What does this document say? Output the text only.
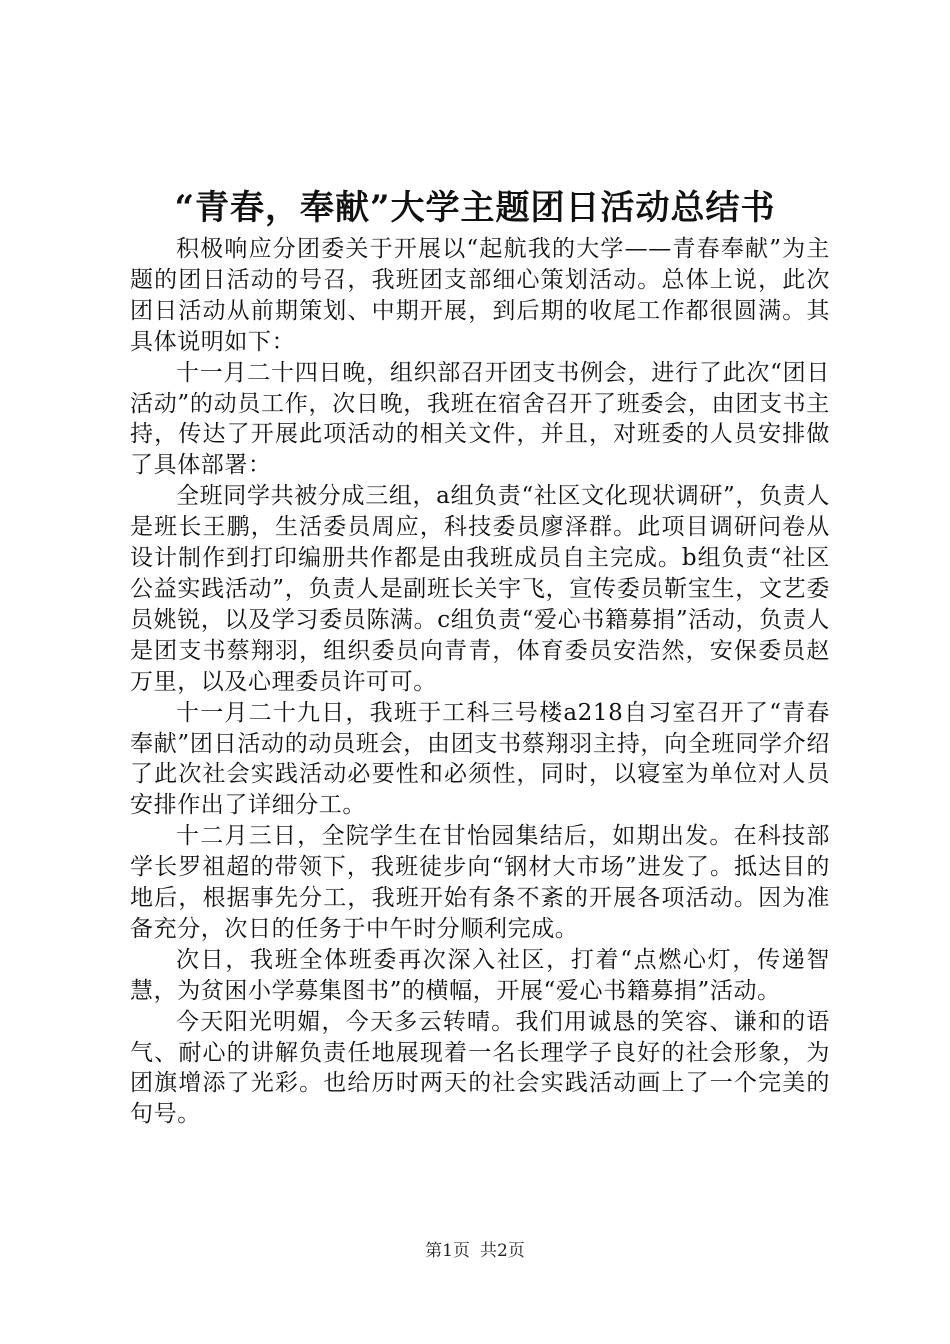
“青春，奉献”大学主题团日活动总结书

积极响应分团委关于开展以“起航我的大学——青春奉献”为主题的团日活动的号召，我班团支部细心策划活动。总体上说，此次团日活动从前期策划、中期开展，到后期的收尾工作都很圆满。其具体说明如下：

十一月二十四日晚，组织部召开团支书例会，进行了此次“团日活动”的动员工作，次日晚，我班在宿舍召开了班委会，由团支书主持，传达了开展此项活动的相关文件，并且，对班委的人员安排做了具体部署：

全班同学共被分成三组，a组负责“社区文化现状调研”，负责人是班长王鹏，生活委员周应，科技委员廖泽群。此项目调研问卷从设计制作到打印编册共作都是由我班成员自主完成。b组负责“社区公益实践活动”，负责人是副班长关宇飞，宣传委员靳宝生，文艺委员姚锐，以及学习委员陈满。c组负责“爱心书籍募捐”活动，负责人是团支书蔡翔羽，组织委员向青青，体育委员安浩然，安保委员赵万里，以及心理委员许可可。

十一月二十九日，我班于工科三号楼a218自习室召开了“青春奉献”团日活动的动员班会，由团支书蔡翔羽主持，向全班同学介绍了此次社会实践活动必要性和必须性，同时，以寝室为单位对人员安排作出了详细分工。

十二月三日，全院学生在甘怡园集结后，如期出发。在科技部学长罗祖超的带领下，我班徒步向“钢材大市场”进发了。抵达目的地后，根据事先分工，我班开始有条不紊的开展各项活动。因为准备充分，次日的任务于中午时分顺利完成。

次日，我班全体班委再次深入社区，打着“点燃心灯，传递智慧，为贫困小学募集图书”的横幅，开展“爱心书籍募捐”活动。

今天阳光明媚，今天多云转晴。我们用诚恳的笑容、谦和的语气、耐心的讲解负责任地展现着一名长理学子良好的社会形象，为团旗增添了光彩。也给历时两天的社会实践活动画上了一个完美的句号。

第1页 共2页
